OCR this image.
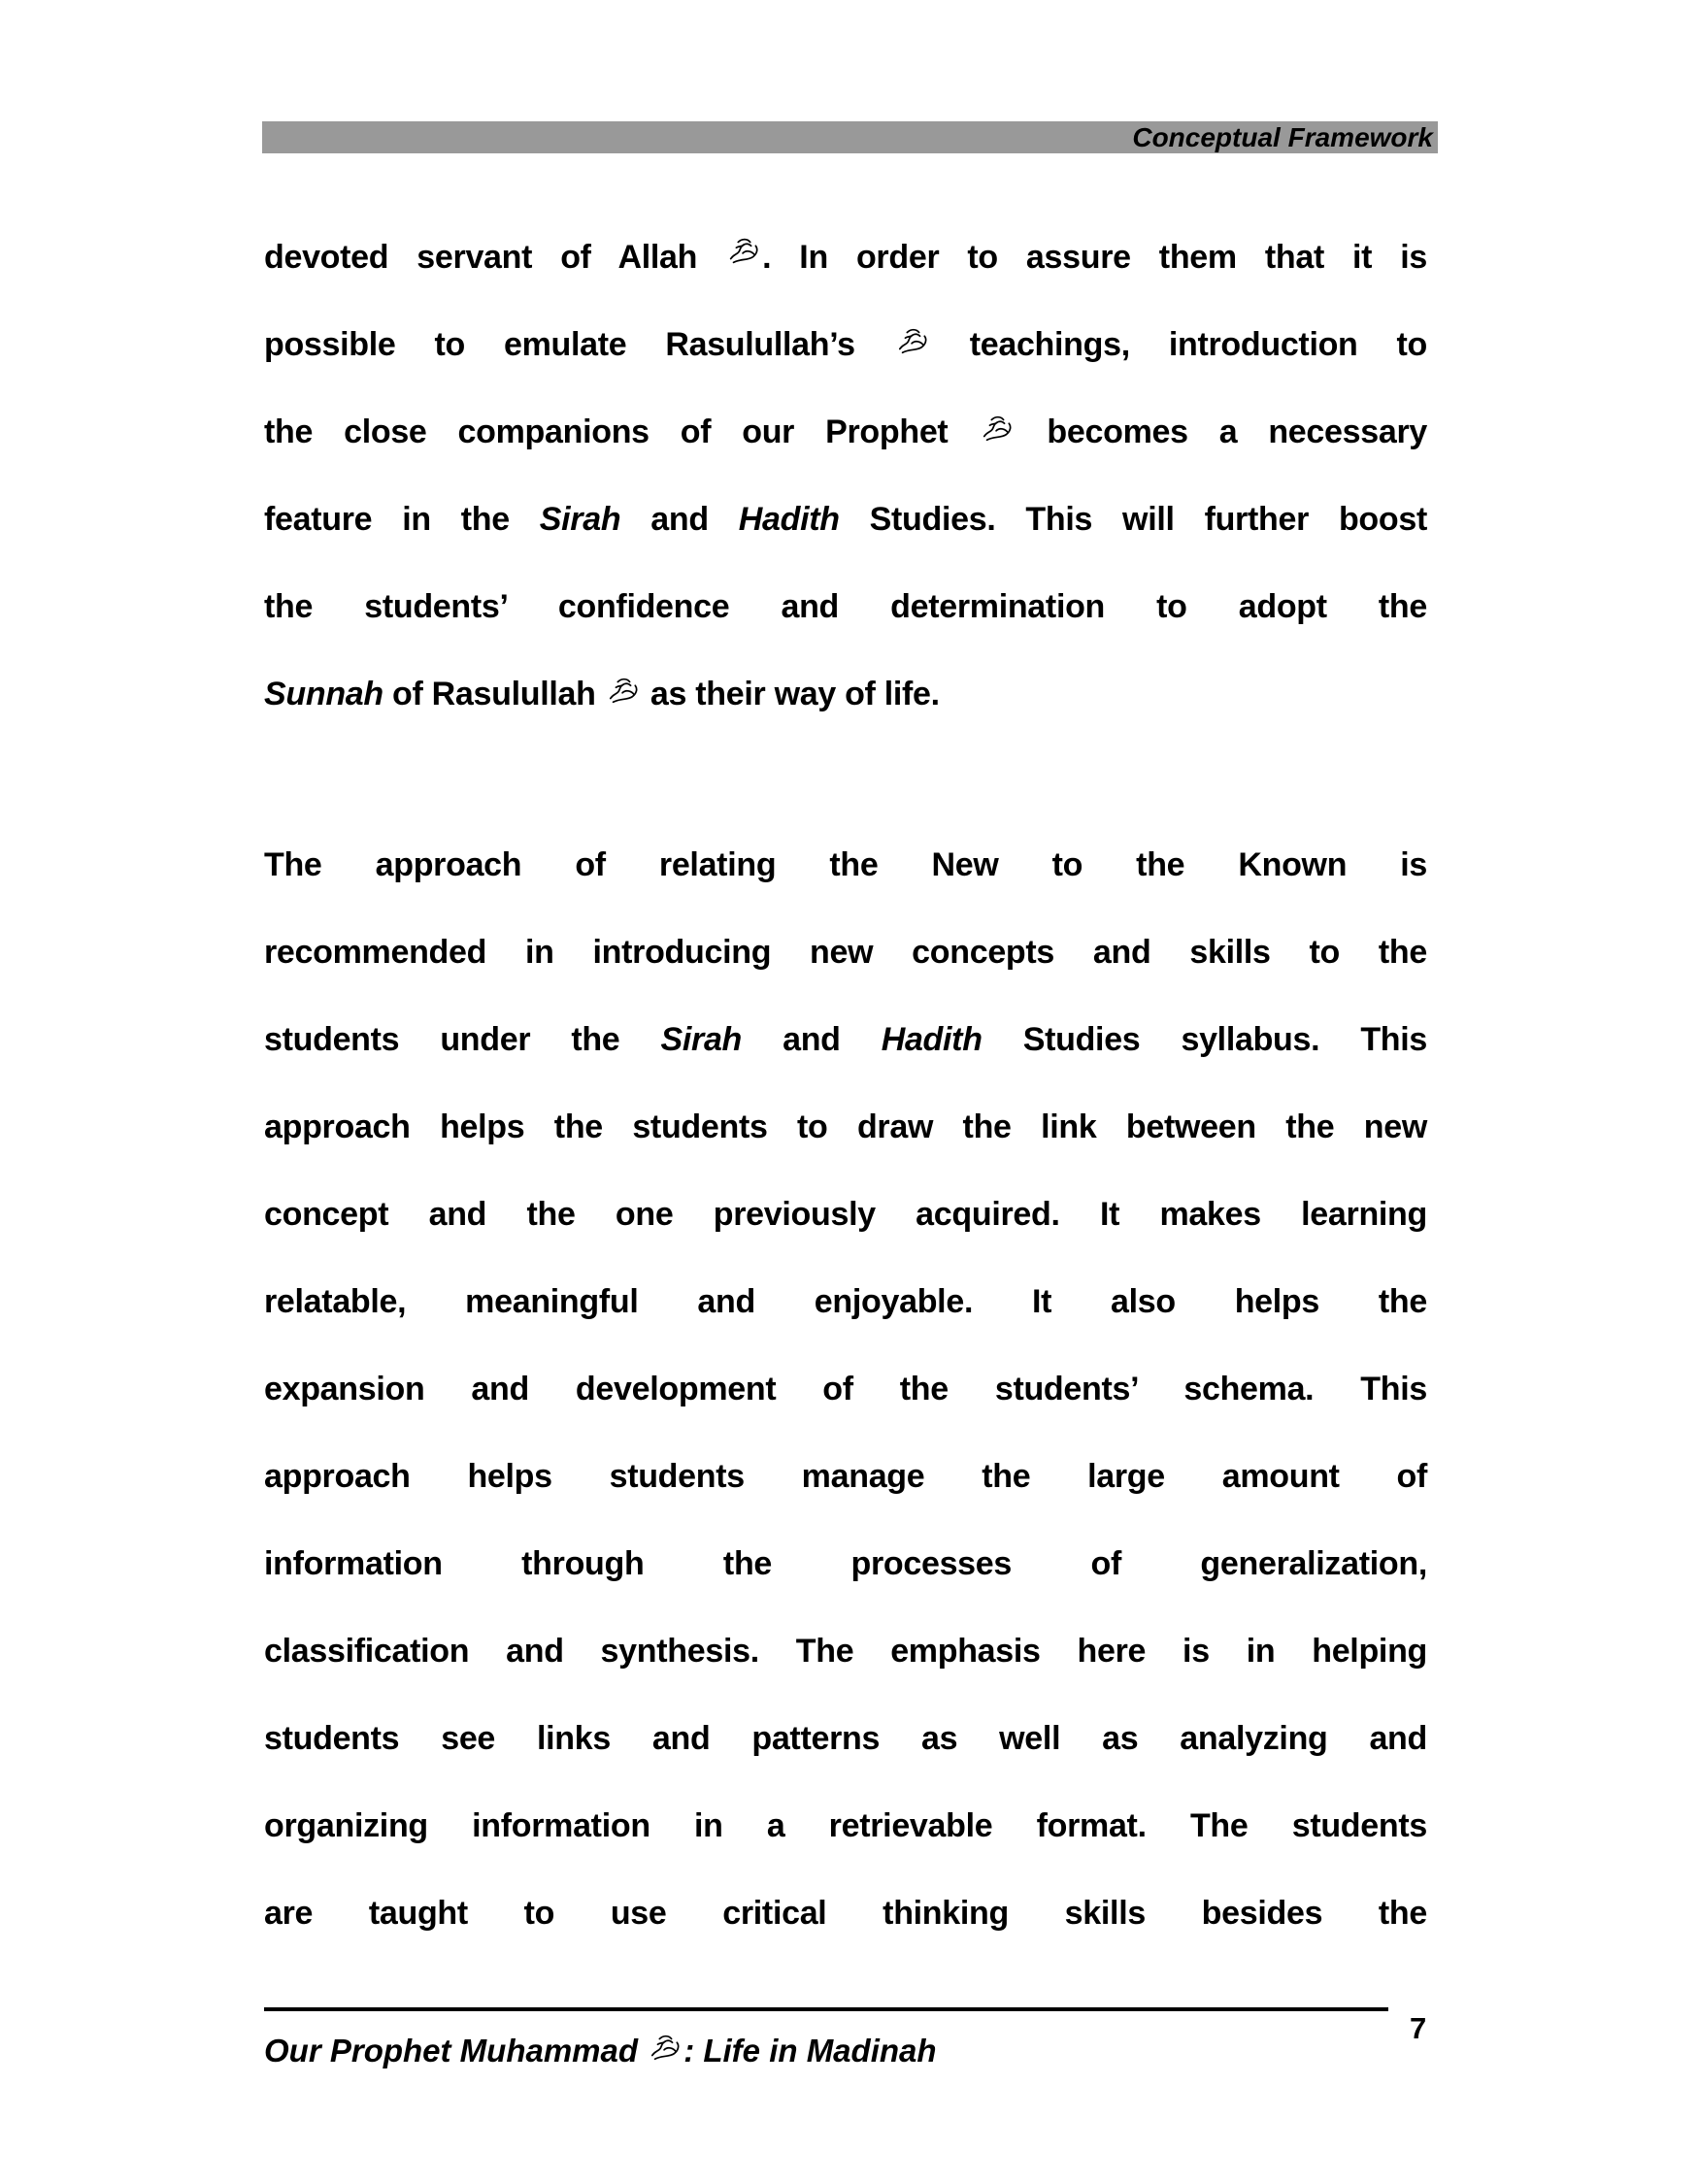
Conceptual Framework
devoted servant of Allah . In order to assure them that it is
possible to emulate Rasulullah’s  teachings, introduction to
the close companions of our Prophet  becomes a necessary
feature in the Sirah and Hadith Studies. This will further boost
the students’ confidence and determination to adopt the
Sunnah of Rasulullah  as their way of life.
The approach of relating the New to the Known is
recommended in introducing new concepts and skills to the
students under the Sirah and Hadith Studies syllabus. This
approach helps the students to draw the link between the new
concept and the one previously acquired. It makes learning
relatable, meaningful and enjoyable. It also helps the
expansion and development of the students’ schema. This
approach helps students manage the large amount of
information through the processes of generalization,
classification and synthesis. The emphasis here is in helping
students see links and patterns as well as analyzing and
organizing information in a retrievable format. The students
are taught to use critical thinking skills besides the
Our Prophet Muhammad : Life in Madinah
7
